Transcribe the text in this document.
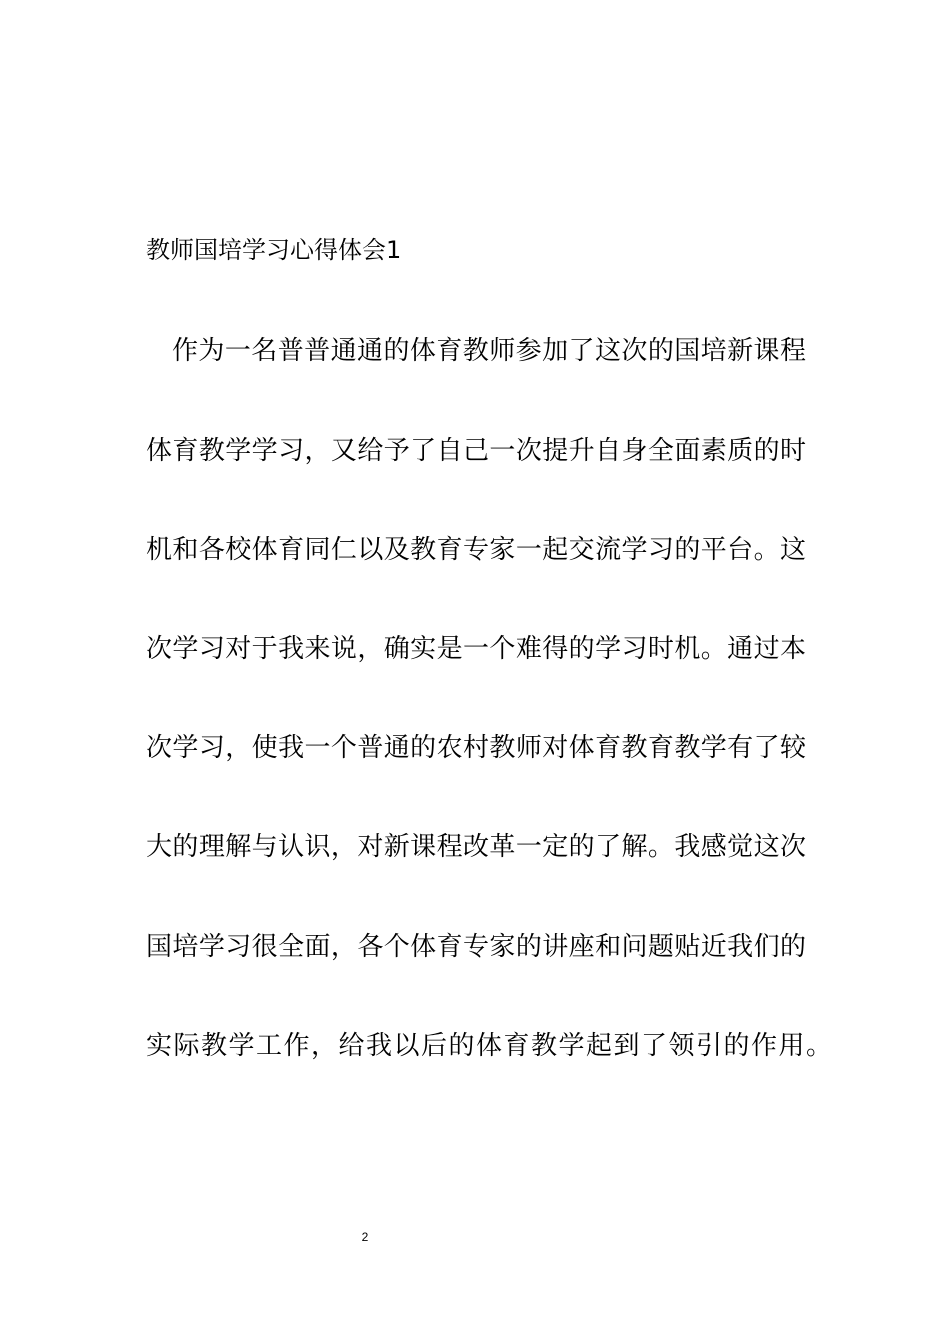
教师国培学习心得体会1
作为一名普普通通的体育教师参加了这次的国培新课程
体育教学学习，又给予了自己一次提升自身全面素质的时
机和各校体育同仁以及教育专家一起交流学习的平台。这
次学习对于我来说，确实是一个难得的学习时机。通过本
次学习，使我一个普通的农村教师对体育教育教学有了较
大的理解与认识，对新课程改革一定的了解。我感觉这次
国培学习很全面，各个体育专家的讲座和问题贴近我们的
实际教学工作，给我以后的体育教学起到了领引的作用。
2
